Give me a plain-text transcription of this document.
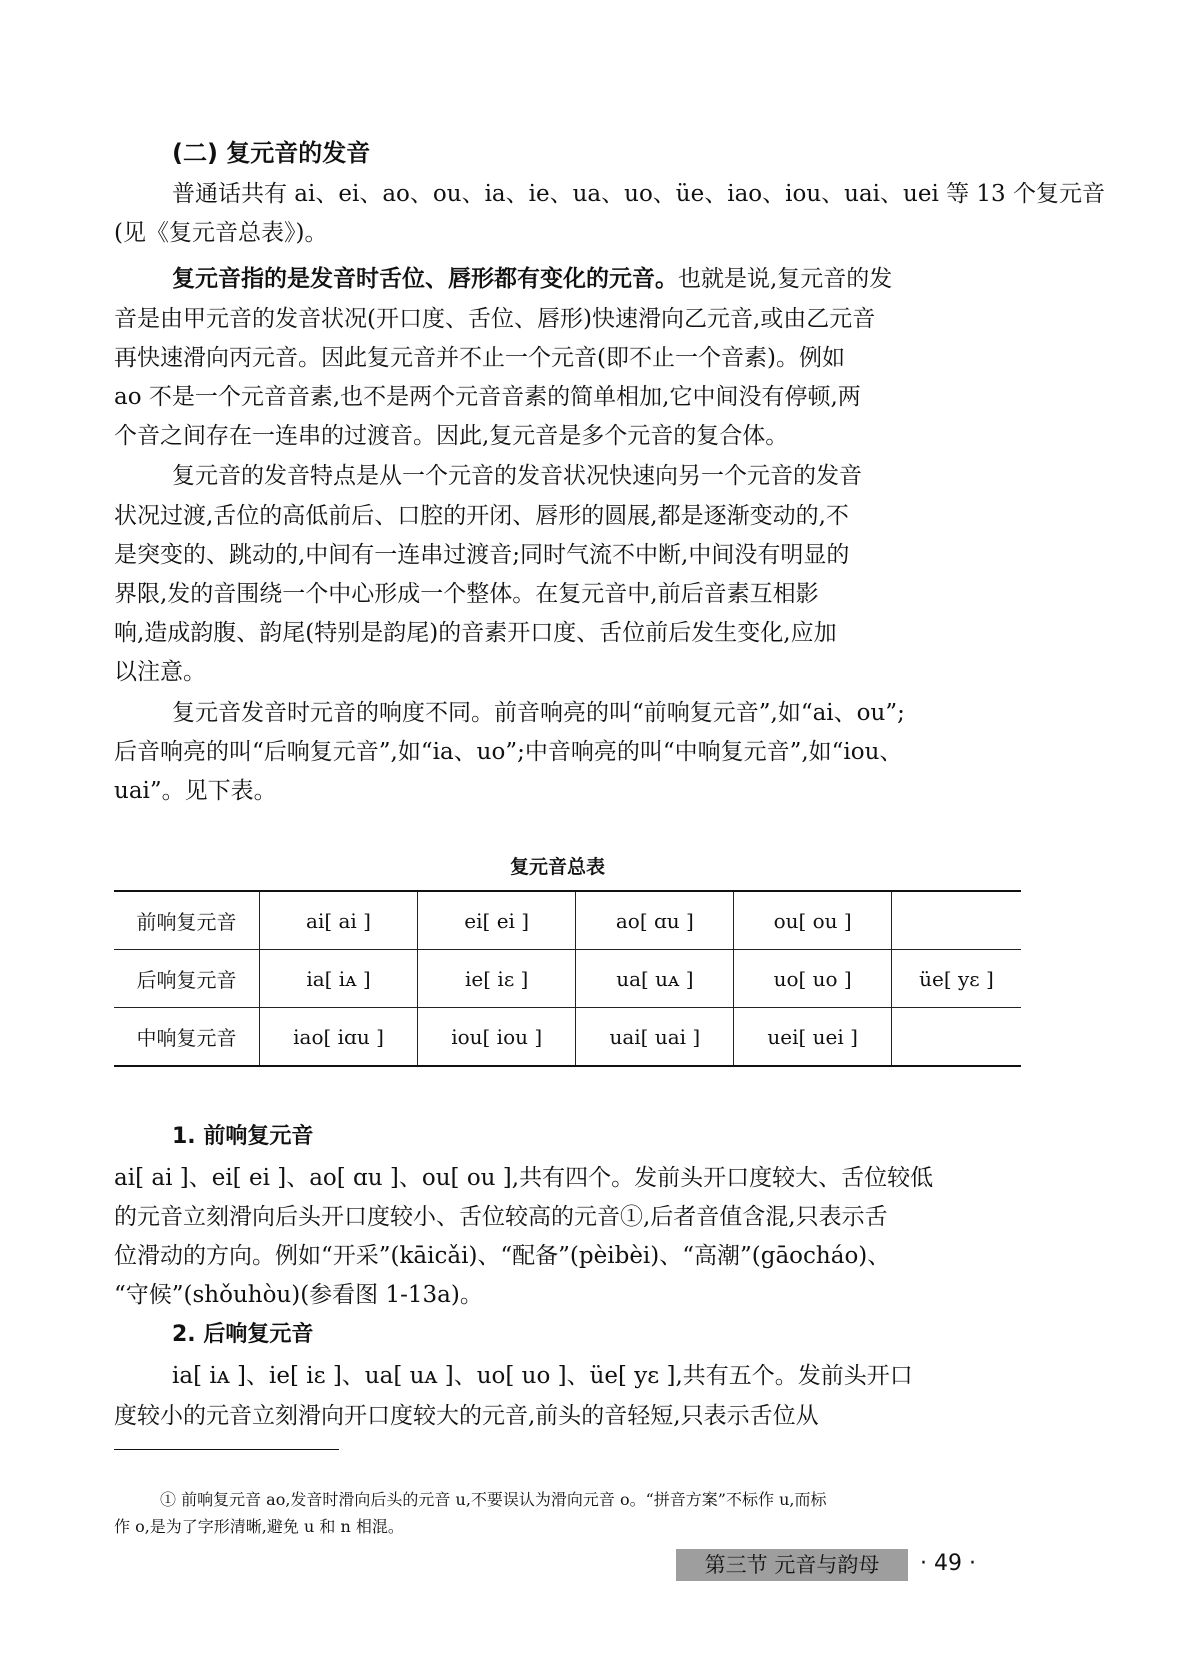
(二) 复元音的发音
普通话共有 ai、ei、ao、ou、ia、ie、ua、uo、üe、iao、iou、uai、uei 等 13 个复元音
(见《复元音总表》)。
复元音指的是发音时舌位、唇形都有变化的元音。也就是说,复元音的发
音是由甲元音的发音状况(开口度、舌位、唇形)快速滑向乙元音,或由乙元音
再快速滑向丙元音。因此复元音并不止一个元音(即不止一个音素)。例如
ao 不是一个元音音素,也不是两个元音音素的简单相加,它中间没有停顿,两
个音之间存在一连串的过渡音。因此,复元音是多个元音的复合体。
复元音的发音特点是从一个元音的发音状况快速向另一个元音的发音
状况过渡,舌位的高低前后、口腔的开闭、唇形的圆展,都是逐渐变动的,不
是突变的、跳动的,中间有一连串过渡音;同时气流不中断,中间没有明显的
界限,发的音围绕一个中心形成一个整体。在复元音中,前后音素互相影
响,造成韵腹、韵尾(特别是韵尾)的音素开口度、舌位前后发生变化,应加
以注意。
复元音发音时元音的响度不同。前音响亮的叫“前响复元音”,如“ai、ou”;
后音响亮的叫“后响复元音”,如“ia、uo”;中音响亮的叫“中响复元音”,如“iou、
uai”。见下表。
复元音总表
前响复元音	ai[ ai ]	ei[ ei ]	ao[ ɑu ]	ou[ ou ]	
后响复元音	ia[ iᴀ ]	ie[ iɛ ]	ua[ uᴀ ]	uo[ uo ]	üe[ yɛ ]
中响复元音	iao[ iɑu ]	iou[ iou ]	uai[ uai ]	uei[ uei ]	
1. 前响复元音
ai[ ai ]、ei[ ei ]、ao[ ɑu ]、ou[ ou ],共有四个。发前头开口度较大、舌位较低
的元音立刻滑向后头开口度较小、舌位较高的元音①,后者音值含混,只表示舌
位滑动的方向。例如“开采”(kāicǎi)、“配备”(pèibèi)、“高潮”(gāocháo)、
“守候”(shǒuhòu)(参看图 1-13a)。
2. 后响复元音
ia[ iᴀ ]、ie[ iɛ ]、ua[ uᴀ ]、uo[ uo ]、üe[ yɛ ],共有五个。发前头开口
度较小的元音立刻滑向开口度较大的元音,前头的音轻短,只表示舌位从
① 前响复元音 ao,发音时滑向后头的元音 u,不要误认为滑向元音 o。“拼音方案”不标作 u,而标
作 o,是为了字形清晰,避免 u 和 n 相混。
第三节 元音与韵母	· 49 ·
